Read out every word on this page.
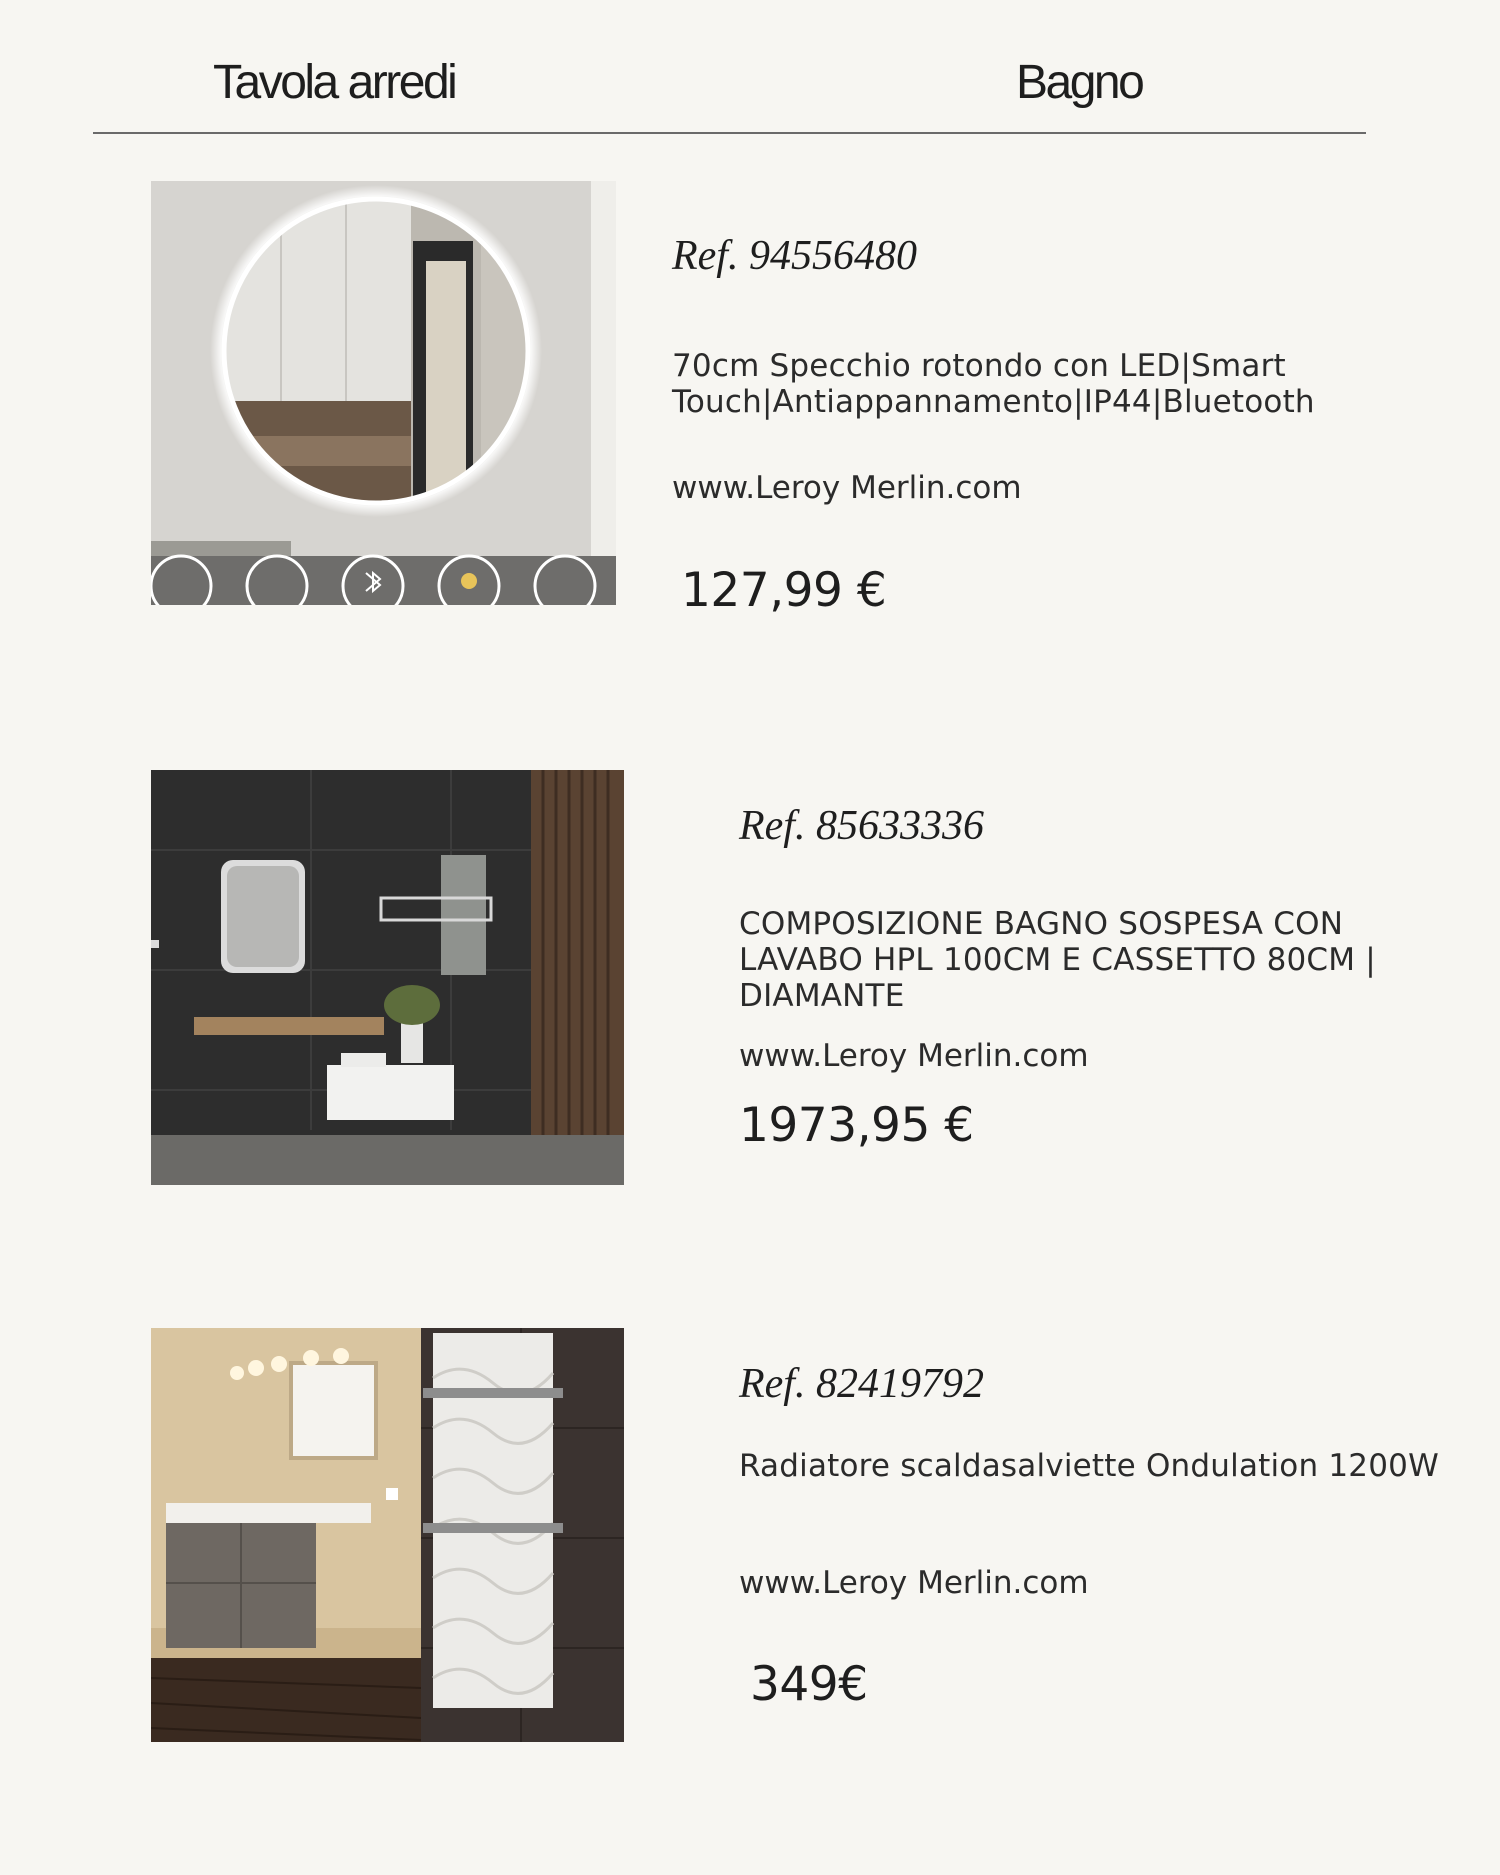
Tavola arredi	Bagno
Ref. 94556480
70cm Specchio rotondo con LED|Smart Touch|Antiappannamento|IP44|Bluetooth
www.Leroy Merlin.com
127,99 €
Ref. 85633336
COMPOSIZIONE BAGNO SOSPESA CON LAVABO HPL 100CM E CASSETTO 80CM | DIAMANTE
www.Leroy Merlin.com
1973,95 €
Ref. 82419792
Radiatore scaldasalviette Ondulation 1200W
www.Leroy Merlin.com
349€
